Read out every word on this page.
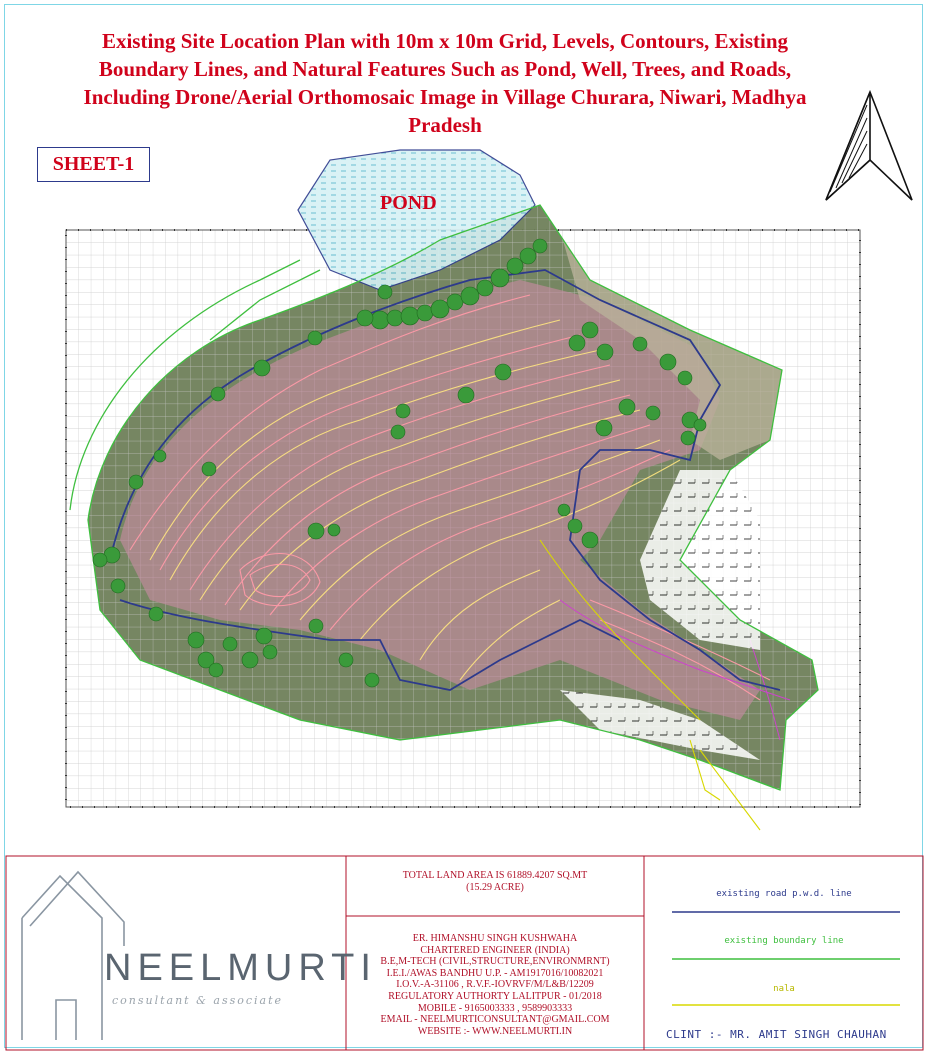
Existing Site Location Plan with 10m x 10m Grid, Levels, Contours, Existing
Boundary Lines, and Natural Features Such as Pond, Well, Trees, and Roads,
Including Drone/Aerial Orthomosaic Image in Village Churara, Niwari, Madhya
Pradesh
SHEET-1
POND
TOTAL LAND AREA IS 61889.4207 SQ.MT
(15.29 ACRE)
ER. HIMANSHU SINGH KUSHWAHA
CHARTERED ENGINEER (INDIA)
B.E,M-TECH (CIVIL,STRUCTURE,ENVIRONMRNT)
I.E.I./AWAS BANDHU U.P. - AM1917016/10082021
I.O.V.-A-31106 , R.V.F.-IOVRVF/M/L&B/12209
REGULATORY AUTHORTY LALITPUR - 01/2018
MOBILE - 9165003333 , 9589903333
EMAIL - NEELMURTICONSULTANT@GMAIL.COM
WEBSITE :- WWW.NEELMURTI.IN
NEELMURTI
consultant & associate
existing road p.w.d. line
existing boundary line
nala
CLINT :- MR. AMIT SINGH CHAUHAN
